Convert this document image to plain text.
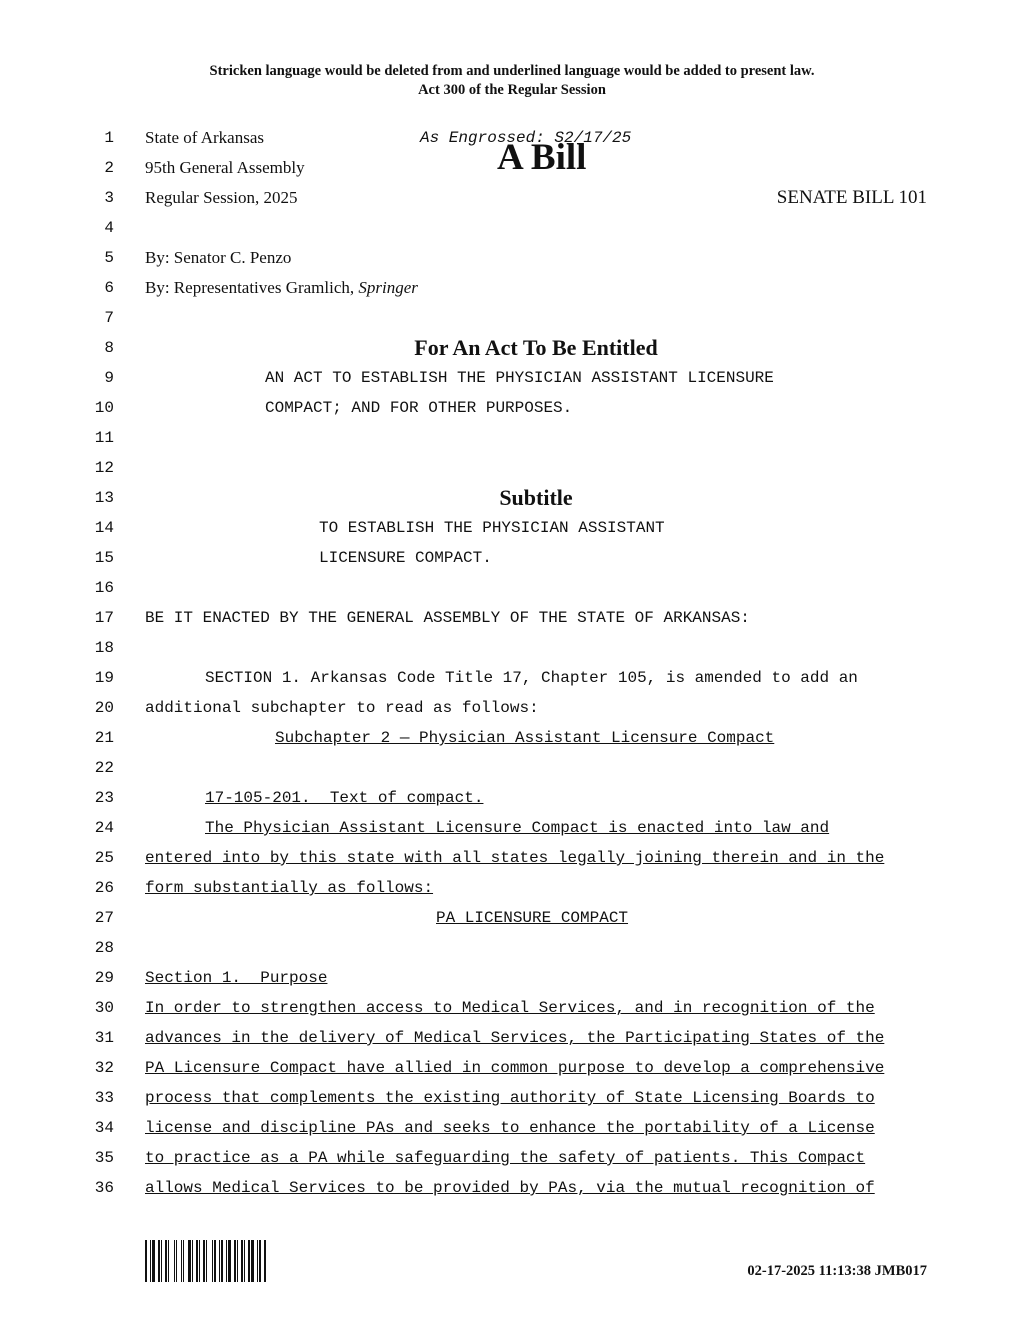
Stricken language would be deleted from and underlined language would be added to present law.
Act 300 of the Regular Session
1 State of Arkansas	As Engrossed: S2/17/25
2 95th General Assembly	A Bill
3 Regular Session, 2025	SENATE BILL 101
4
5 By: Senator C. Penzo
6 By: Representatives Gramlich, Springer
7
8	For An Act To Be Entitled
9	AN ACT TO ESTABLISH THE PHYSICIAN ASSISTANT LICENSURE
10	COMPACT; AND FOR OTHER PURPOSES.
11
12
13	Subtitle
14	TO ESTABLISH THE PHYSICIAN ASSISTANT
15	LICENSURE COMPACT.
16
17 BE IT ENACTED BY THE GENERAL ASSEMBLY OF THE STATE OF ARKANSAS:
18
19	SECTION 1. Arkansas Code Title 17, Chapter 105, is amended to add an
20 additional subchapter to read as follows:
21	Subchapter 2 — Physician Assistant Licensure Compact
22
23	17-105-201.  Text of compact.
24	The Physician Assistant Licensure Compact is enacted into law and
25 entered into by this state with all states legally joining therein and in the
26 form substantially as follows:
27	PA LICENSURE COMPACT
28
29 Section 1.  Purpose
30 In order to strengthen access to Medical Services, and in recognition of the
31 advances in the delivery of Medical Services, the Participating States of the
32 PA Licensure Compact have allied in common purpose to develop a comprehensive
33 process that complements the existing authority of State Licensing Boards to
34 license and discipline PAs and seeks to enhance the portability of a License
35 to practice as a PA while safeguarding the safety of patients. This Compact
36 allows Medical Services to be provided by PAs, via the mutual recognition of
02-17-2025 11:13:38 JMB017
